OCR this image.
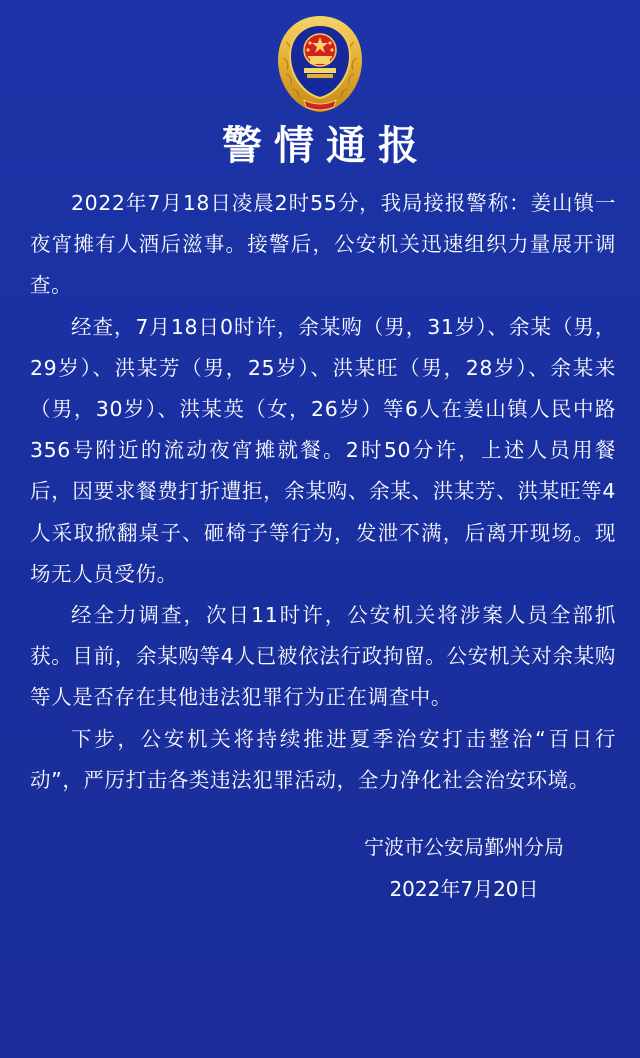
警情通报

2022年7月18日凌晨2时55分，我局接报警称：姜山镇一夜宵摊有人酒后滋事。接警后，公安机关迅速组织力量展开调查。

经查，7月18日0时许，余某购（男，31岁）、余某（男，29岁）、洪某芳（男，25岁）、洪某旺（男，28岁）、余某来（男，30岁）、洪某英（女，26岁）等6人在姜山镇人民中路356号附近的流动夜宵摊就餐。2时50分许，上述人员用餐后，因要求餐费打折遭拒，余某购、余某、洪某芳、洪某旺等4人采取掀翻桌子、砸椅子等行为，发泄不满，后离开现场。现场无人员受伤。

经全力调查，次日11时许，公安机关将涉案人员全部抓获。目前，余某购等4人已被依法行政拘留。公安机关对余某购等人是否存在其他违法犯罪行为正在调查中。

下步，公安机关将持续推进夏季治安打击整治“百日行动”，严厉打击各类违法犯罪活动，全力净化社会治安环境。

宁波市公安局鄞州分局
2022年7月20日
